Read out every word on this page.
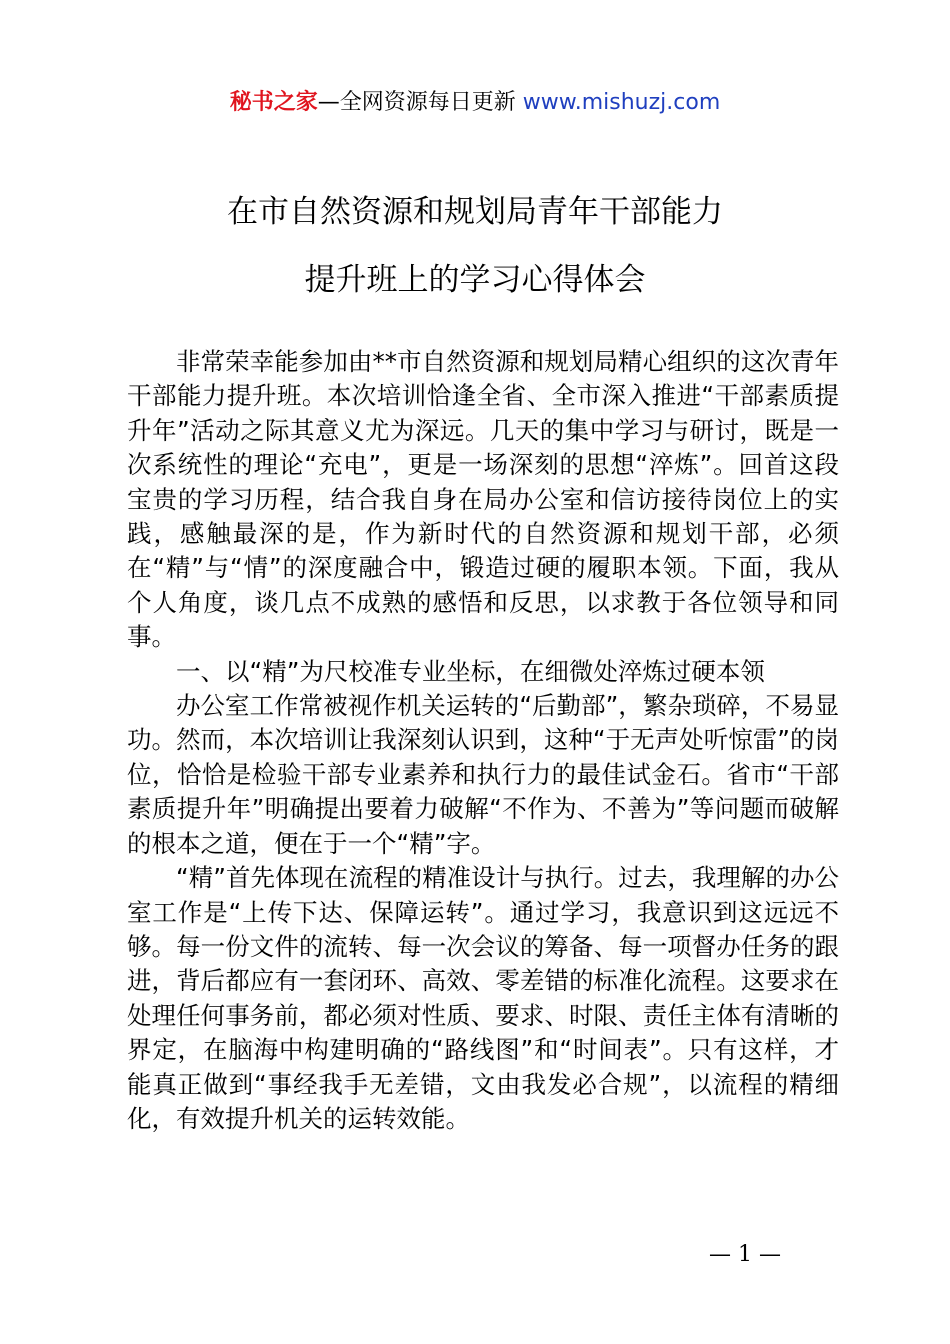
秘书之家—全网资源每日更新 www.mishuzj.com
在市自然资源和规划局青年干部能力
提升班上的学习心得体会

非常荣幸能参加由**市自然资源和规划局精心组织的这次青年干部能力提升班。本次培训恰逢全省、全市深入推进“干部素质提升年”活动之际其意义尤为深远。几天的集中学习与研讨，既是一次系统性的理论“充电”，更是一场深刻的思想“淬炼”。回首这段宝贵的学习历程，结合我自身在局办公室和信访接待岗位上的实践，感触最深的是，作为新时代的自然资源和规划干部，必须在“精”与“情”的深度融合中，锻造过硬的履职本领。下面，我从个人角度，谈几点不成熟的感悟和反思，以求教于各位领导和同事。

一、以“精”为尺校准专业坐标，在细微处淬炼过硬本领

办公室工作常被视作机关运转的“后勤部”，繁杂琐碎，不易显功。然而，本次培训让我深刻认识到，这种“于无声处听惊雷”的岗位，恰恰是检验干部专业素养和执行力的最佳试金石。省市“干部素质提升年”明确提出要着力破解“不作为、不善为”等问题而破解的根本之道，便在于一个“精”字。

“精”首先体现在流程的精准设计与执行。过去，我理解的办公室工作是“上传下达、保障运转”。通过学习，我意识到这远远不够。每一份文件的流转、每一次会议的筹备、每一项督办任务的跟进，背后都应有一套闭环、高效、零差错的标准化流程。这要求在处理任何事务前，都必须对性质、要求、时限、责任主体有清晰的界定，在脑海中构建明确的“路线图”和“时间表”。只有这样，才能真正做到“事经我手无差错，文由我发必合规”，以流程的精细化，有效提升机关的运转效能。

— 1 —
